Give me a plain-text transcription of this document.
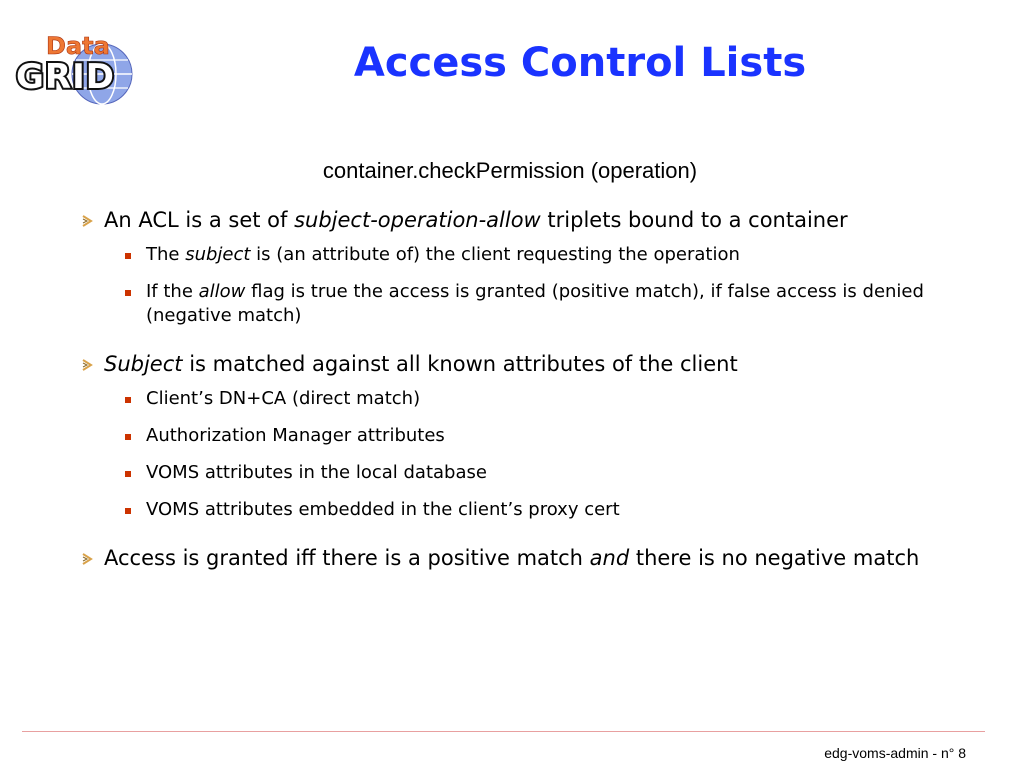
Data
GRID	Access Control Lists
container.checkPermission (operation)
An ACL is a set of subject-operation-allow triplets bound to a container
The subject is (an attribute of) the client requesting the operation
If the allow flag is true the access is granted (positive match), if false access is denied (negative match)
Subject is matched against all known attributes of the client
Client’s DN+CA (direct match)
Authorization Manager attributes
VOMS attributes in the local database
VOMS attributes embedded in the client’s proxy cert
Access is granted iff there is a positive match and there is no negative match
edg-voms-admin - n° 8
